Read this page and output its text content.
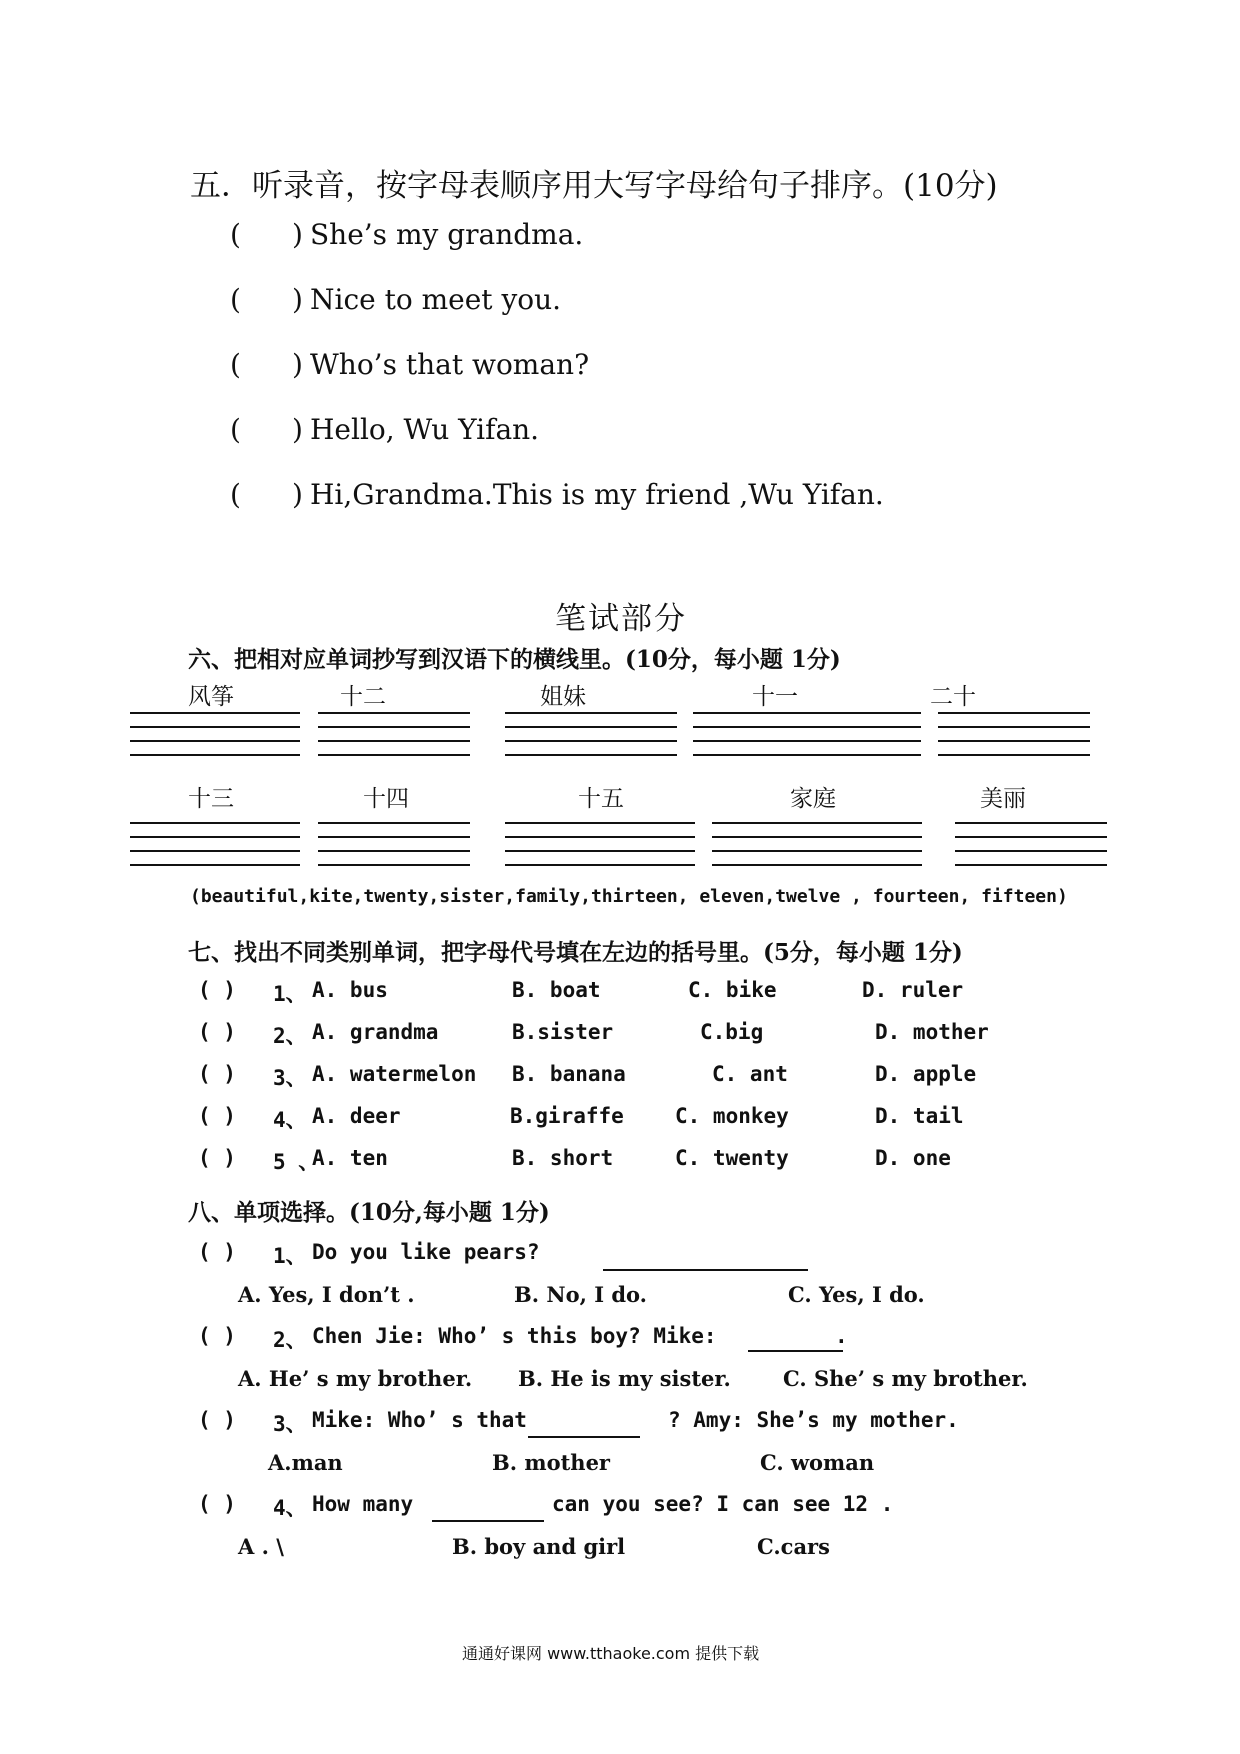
五．听录音，按字母表顺序用大写字母给句子排序。(10分)
( ) She’s my grandma.
( ) Nice to meet you.
( ) Who’s that woman?
( ) Hello, Wu Yifan.
( ) Hi,Grandma.This is my friend ,Wu Yifan.
笔试部分
六、把相对应单词抄写到汉语下的横线里。(10分，每小题 1分)
风筝	十二	姐妹	十一	二十
十三	十四	十五	家庭	美丽
(beautiful,kite,twenty,sister,family,thirteen, eleven,twelve , fourteen, fifteen)
七、找出不同类别单词，把字母代号填在左边的括号里。(5分，每小题 1分)
( ) 1、 A. bus	B. boat	C. bike	D. ruler
( ) 2、 A. grandma	B.sister	C.big	D. mother
( ) 3、 A. watermelon B. banana	C. ant	D. apple
( ) 4、 A. deer	B.giraffe C. monkey	D. tail
( ) 5 、
A. ten	B. short	C. twenty	D. one
八、单项选择。(10分,每小题 1分)
( ) 1、 Do you like pears?
A. Yes, I don’t .	B. No, I do.	C. Yes, I do.
( ) 2、 Chen Jie: Who’ s this boy? Mike:	.
A. He’ s my brother. B. He is my sister. C. She’ s my brother.
( ) 3、 Mike: Who’ s that	? Amy: She’s my mother.
A.man	B. mother	C. woman
( ) 4、 How many	can you see? I can see 12 .
A . \	B. boy and girl	C.cars
通通好课网 www.tthaoke.com 提供下载
